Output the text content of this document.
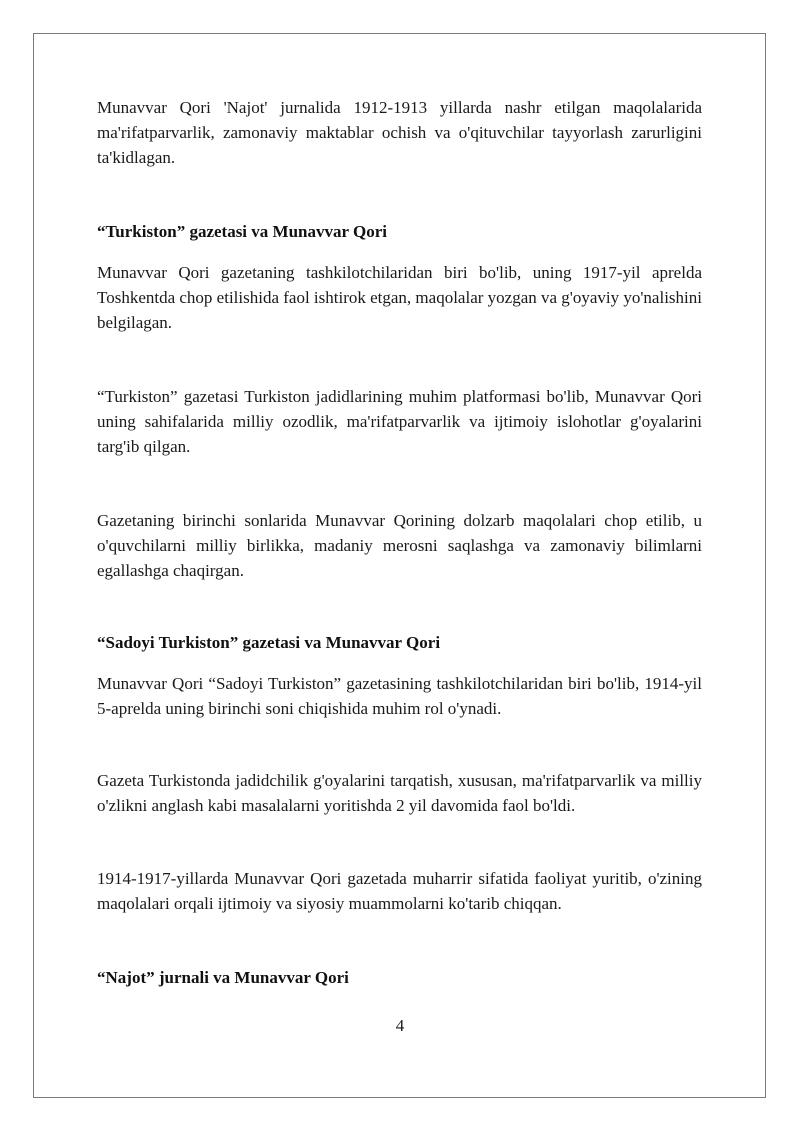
Munavvar Qori 'Najot' jurnalida 1912-1913 yillarda nashr etilgan maqolalarida ma'rifatparvarlik, zamonaviy maktablar ochish va o'qituvchilar tayyorlash zarurligini ta'kidlagan.

“Turkiston” gazetasi va Munavvar Qori

Munavvar Qori gazetaning tashkilotchilaridan biri bo'lib, uning 1917-yil aprelda Toshkentda chop etilishida faol ishtirok etgan, maqolalar yozgan va g'oyaviy yo'nalishini belgilagan.

“Turkiston” gazetasi Turkiston jadidlarining muhim platformasi bo'lib, Munavvar Qori uning sahifalarida milliy ozodlik, ma'rifatparvarlik va ijtimoiy islohotlar g'oyalarini targ'ib qilgan.

Gazetaning birinchi sonlarida Munavvar Qorining dolzarb maqolalari chop etilib, u o'quvchilarni milliy birlikka, madaniy merosni saqlashga va zamonaviy bilimlarni egallashga chaqirgan.

“Sadoyi Turkiston” gazetasi va Munavvar Qori

Munavvar Qori “Sadoyi Turkiston” gazetasining tashkilotchilaridan biri bo'lib, 1914-yil 5-aprelda uning birinchi soni chiqishida muhim rol o'ynadi.

Gazeta Turkistonda jadidchilik g'oyalarini tarqatish, xususan, ma'rifatparvarlik va milliy o'zlikni anglash kabi masalalarni yoritishda 2 yil davomida faol bo'ldi.

1914-1917-yillarda Munavvar Qori gazetada muharrir sifatida faoliyat yuritib, o'zining maqolalari orqali ijtimoiy va siyosiy muammolarni ko'tarib chiqqan.

“Najot” jurnali va Munavvar Qori

4
